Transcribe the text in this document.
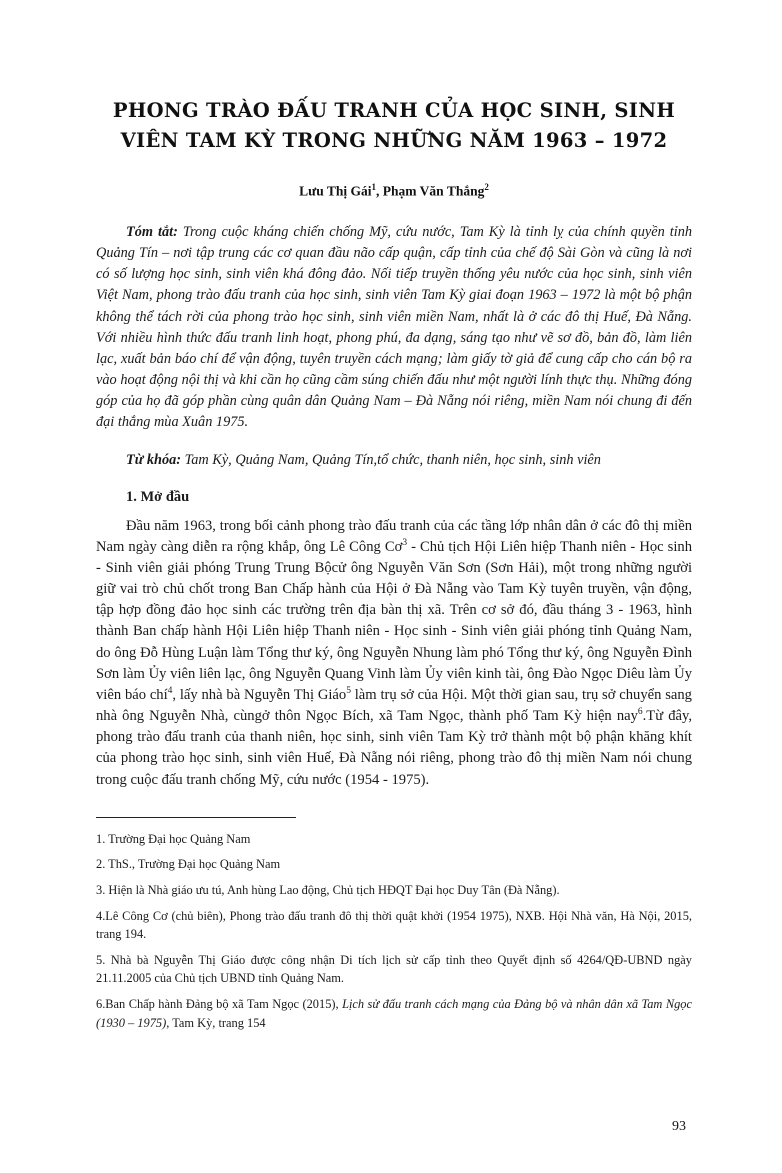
PHONG TRÀO ĐẤU TRANH CỦA HỌC SINH, SINH
VIÊN TAM KỲ TRONG NHỮNG NĂM 1963 – 1972
Lưu Thị Gái$^1$, Phạm Văn Thắng$^2$

Tóm tắt: Trong cuộc kháng chiến chống Mỹ, cứu nước, Tam Kỳ là tỉnh lỵ của chính quyền tỉnh Quảng Tín – nơi tập trung các cơ quan đầu não cấp quận, cấp tỉnh của chế độ Sài Gòn và cũng là nơi có số lượng học sinh, sinh viên khá đông đảo. Nối tiếp truyền thống yêu nước của học sinh, sinh viên Việt Nam, phong trào đấu tranh của học sinh, sinh viên Tam Kỳ giai đoạn 1963 – 1972 là một bộ phận không thể tách rời của phong trào học sinh, sinh viên miền Nam, nhất là ở các đô thị Huế, Đà Nẵng. Với nhiều hình thức đấu tranh linh hoạt, phong phú, đa dạng, sáng tạo như vẽ sơ đồ, bản đồ, làm liên lạc, xuất bản báo chí để vận động, tuyên truyền cách mạng; làm giấy tờ giả để cung cấp cho cán bộ ra vào hoạt động nội thị và khi cần họ cũng cầm súng chiến đấu như một người lính thực thụ. Những đóng góp của họ đã góp phần cùng quân dân Quảng Nam – Đà Nẵng nói riêng, miền Nam nói chung đi đến đại thắng mùa Xuân 1975.

Từ khóa: Tam Kỳ, Quảng Nam, Quảng Tín,tổ chức, thanh niên, học sinh, sinh viên

1. Mở đầu

Đầu năm 1963, trong bối cảnh phong trào đấu tranh của các tầng lớp nhân dân ở các đô thị miền Nam ngày càng diễn ra rộng khắp, ông Lê Công $Cơ^3$ - Chủ tịch Hội Liên hiệp Thanh niên - Học sinh - Sinh viên giải phóng Trung Trung Bộcử ông Nguyễn Văn Sơn (Sơn Hải), một trong những người giữ vai trò chủ chốt trong Ban Chấp hành của Hội ở Đà Nẵng vào Tam Kỳ tuyên truyền, vận động, tập hợp đồng đảo học sinh các trường trên địa bàn thị xã. Trên cơ sở đó, đầu tháng 3 - 1963, hình thành Ban chấp hành Hội Liên hiệp Thanh niên - Học sinh - Sinh viên giải phóng tỉnh Quảng Nam, do ông Đỗ Hùng Luận làm Tổng thư ký, ông Nguyễn Nhung làm phó Tổng thư ký, ông Nguyễn Đình Sơn làm Ủy viên liên lạc, ông Nguyễn Quang Vinh làm Ủy viên kinh tài, ông Đào Ngọc Diêu làm Ủy viên báo chí$^4$, lấy nhà bà Nguyễn Thị Giáo$^5$ làm trụ sở của Hội. Một thời gian sau, trụ sở chuyển sang nhà ông Nguyễn Nhà, cùngở thôn Ngọc Bích, xã Tam Ngọc, thành phố Tam Kỳ hiện nay$^6$.Từ đây, phong trào đấu tranh của thanh niên, học sinh, sinh viên Tam Kỳ trở thành một bộ phận khăng khít của phong trào học sinh, sinh viên Huế, Đà Nẵng nói riêng, phong trào đô thị miền Nam nói chung trong cuộc đấu tranh chống Mỹ, cứu nước (1954 - 1975).

1. Trường Đại học Quảng Nam

2. ThS., Trường Đại học Quảng Nam

3. Hiện là Nhà giáo ưu tú, Anh hùng Lao động, Chủ tịch HĐQT Đại học Duy Tân (Đà Nẵng).

4.Lê Công Cơ (chủ biên), Phong trào đấu tranh đô thị thời quật khởi (1954 1975), NXB. Hội Nhà văn, Hà Nội, 2015, trang 194.

5. Nhà bà Nguyễn Thị Giáo được công nhận Di tích lịch sử cấp tỉnh theo Quyết định số 4264/QĐ-UBND ngày 21.11.2005 của Chủ tịch UBND tỉnh Quảng Nam.

6.Ban Chấp hành Đảng bộ xã Tam Ngọc (2015), Lịch sử đấu tranh cách mạng của Đảng bộ và nhân dân xã Tam Ngọc (1930 – 1975), Tam Kỳ, trang 154

93
